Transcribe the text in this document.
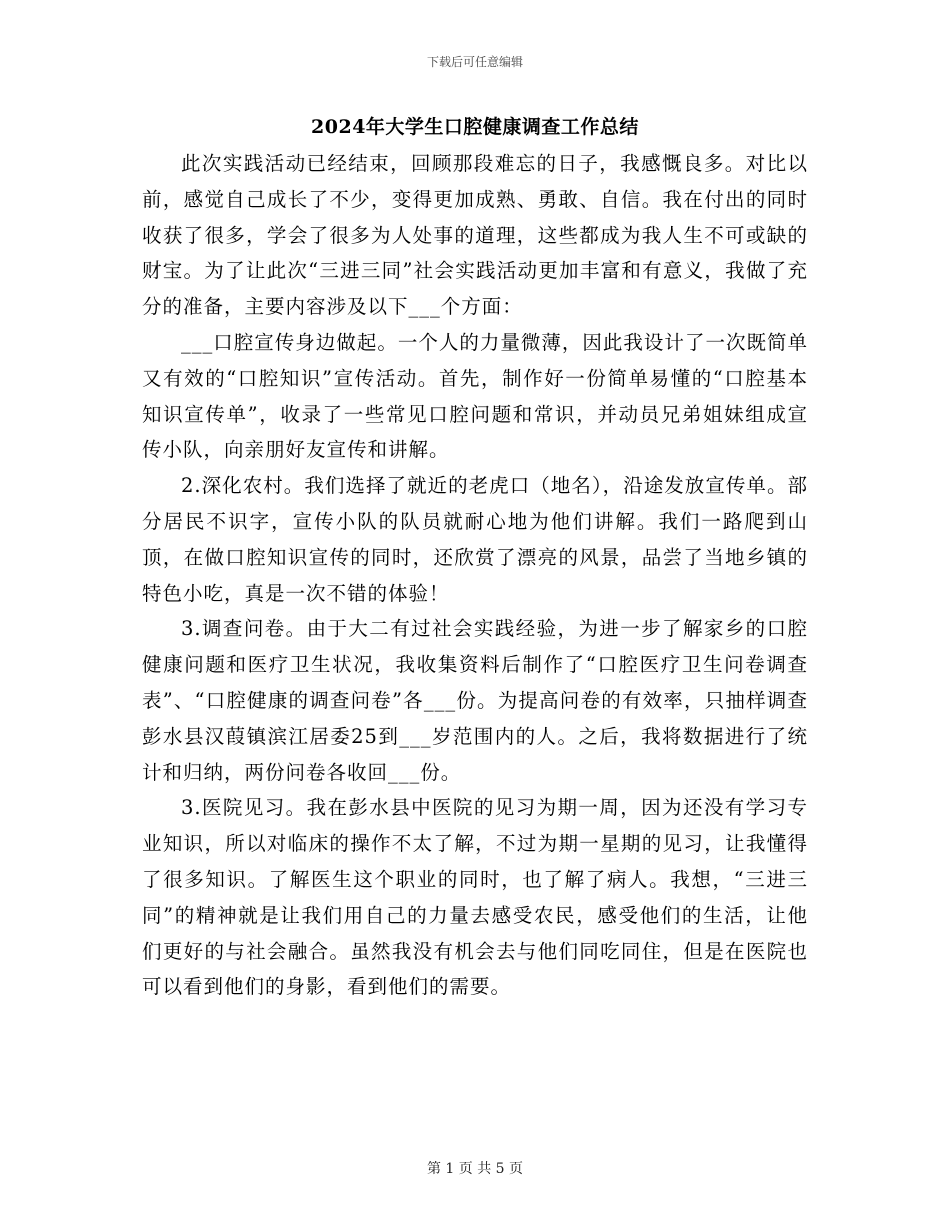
下载后可任意编辑
2024年大学生口腔健康调查工作总结

此次实践活动已经结束，回顾那段难忘的日子，我感慨良多。对比以前，感觉自己成长了不少，变得更加成熟、勇敢、自信。我在付出的同时收获了很多，学会了很多为人处事的道理，这些都成为我人生不可或缺的财宝。为了让此次“三进三同”社会实践活动更加丰富和有意义，我做了充分的准备，主要内容涉及以下___个方面：

___口腔宣传身边做起。一个人的力量微薄，因此我设计了一次既简单又有效的“口腔知识”宣传活动。首先，制作好一份简单易懂的“口腔基本知识宣传单”，收录了一些常见口腔问题和常识，并动员兄弟姐妹组成宣传小队，向亲朋好友宣传和讲解。

2.深化农村。我们选择了就近的老虎口（地名），沿途发放宣传单。部分居民不识字，宣传小队的队员就耐心地为他们讲解。我们一路爬到山顶，在做口腔知识宣传的同时，还欣赏了漂亮的风景，品尝了当地乡镇的特色小吃，真是一次不错的体验！

3.调查问卷。由于大二有过社会实践经验，为进一步了解家乡的口腔健康问题和医疗卫生状况，我收集资料后制作了“口腔医疗卫生问卷调查表”、“口腔健康的调查问卷”各___份。为提高问卷的有效率，只抽样调查彭水县汉葭镇滨江居委25到___岁范围内的人。之后，我将数据进行了统计和归纳，两份问卷各收回___份。

3.医院见习。我在彭水县中医院的见习为期一周，因为还没有学习专业知识，所以对临床的操作不太了解，不过为期一星期的见习，让我懂得了很多知识。了解医生这个职业的同时，也了解了病人。我想，“三进三同”的精神就是让我们用自己的力量去感受农民，感受他们的生活，让他们更好的与社会融合。虽然我没有机会去与他们同吃同住，但是在医院也可以看到他们的身影，看到他们的需要。

第 1 页 共 5 页
